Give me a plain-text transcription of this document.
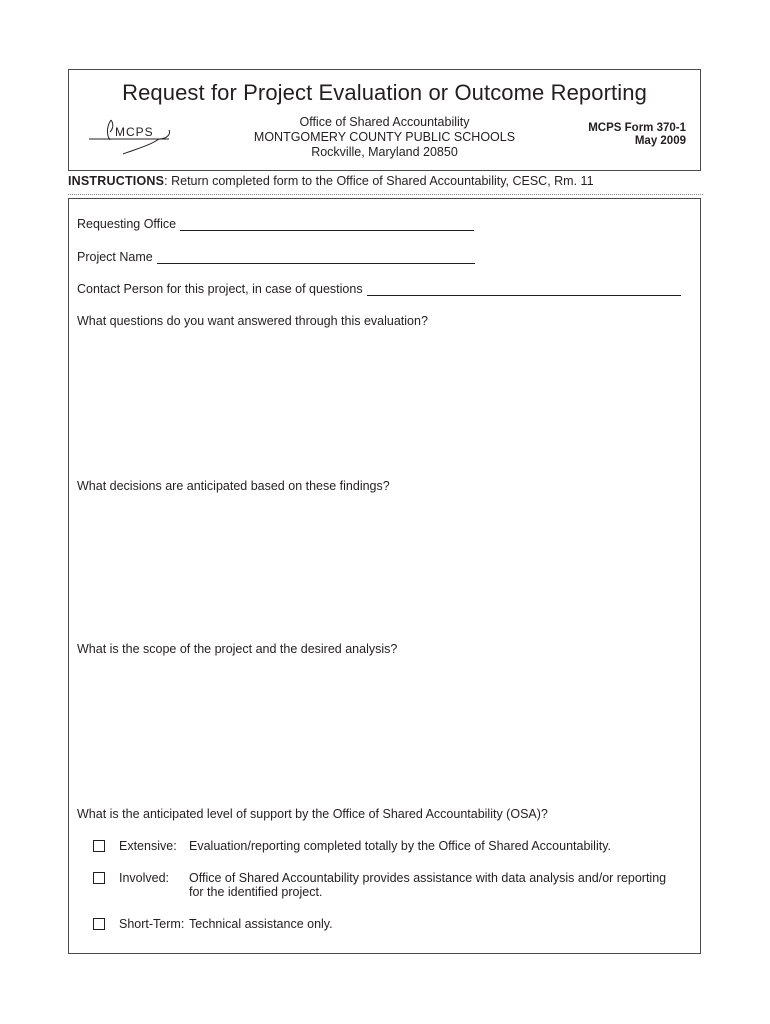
Request for Project Evaluation or Outcome Reporting
MCPS
Office of Shared Accountability
MONTGOMERY COUNTY PUBLIC SCHOOLS
Rockville, Maryland 20850
MCPS Form 370-1
May 2009
INSTRUCTIONS: Return completed form to the Office of Shared Accountability, CESC, Rm. 11
Requesting Office
Project Name
Contact Person for this project, in case of questions
What questions do you want answered through this evaluation?
What decisions are anticipated based on these findings?
What is the scope of the project and the desired analysis?
What is the anticipated level of support by the Office of Shared Accountability (OSA)?
Extensive: Evaluation/reporting completed totally by the Office of Shared Accountability.
Involved: Office of Shared Accountability provides assistance with data analysis and/or reporting for the identified project.
Short-Term: Technical assistance only.
